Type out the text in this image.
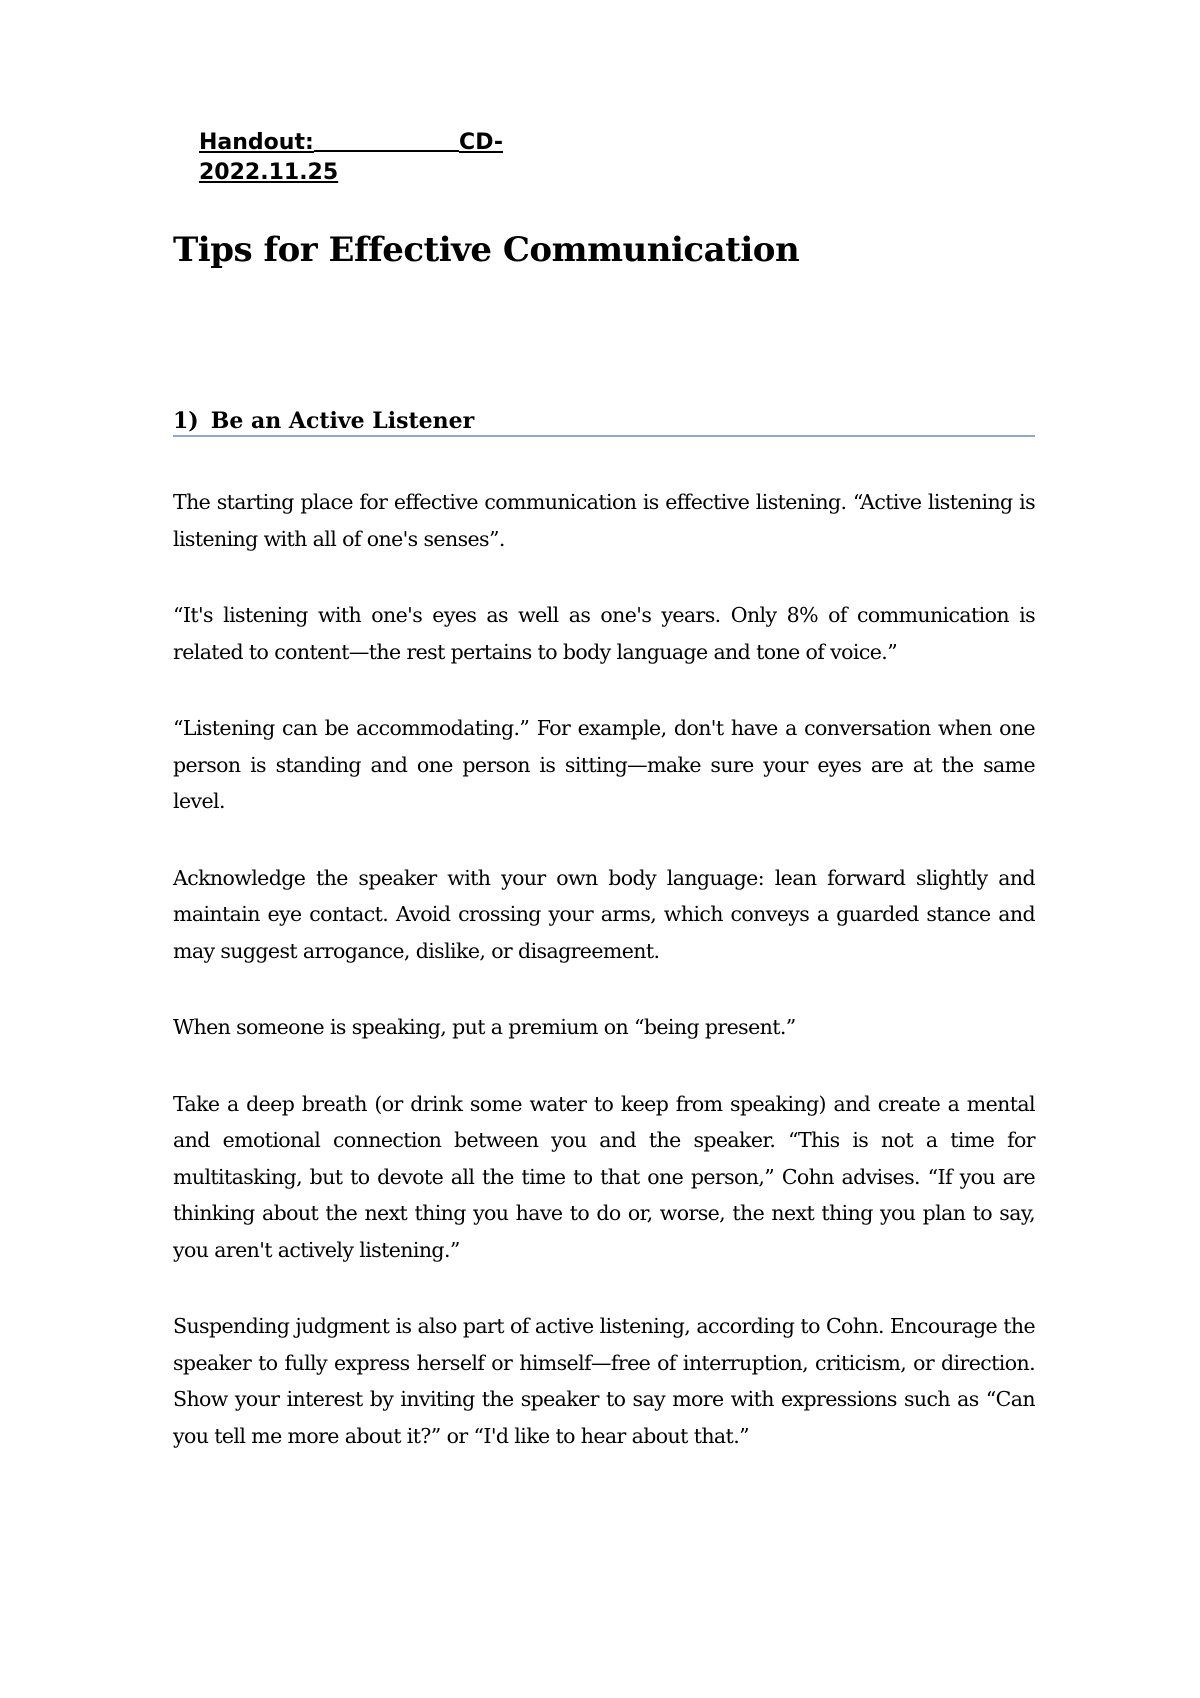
Handout:	CD-
2022.11.25
Tips for Effective Communication
1) Be an Active Listener

The starting place for effective communication is effective listening. “Active listening is listening with all of one's senses”.

“It's listening with one's eyes as well as one's years. Only 8% of communication is related to content—the rest pertains to body language and tone of voice.”

“Listening can be accommodating.” For example, don't have a conversation when one person is standing and one person is sitting—make sure your eyes are at the same level.

Acknowledge the speaker with your own body language: lean forward slightly and maintain eye contact. Avoid crossing your arms, which conveys a guarded stance and may suggest arrogance, dislike, or disagreement.

When someone is speaking, put a premium on “being present.”

Take a deep breath (or drink some water to keep from speaking) and create a mental and emotional connection between you and the speaker. “This is not a time for multitasking, but to devote all the time to that one person,” Cohn advises. “If you are thinking about the next thing you have to do or, worse, the next thing you plan to say, you aren't actively listening.”

Suspending judgment is also part of active listening, according to Cohn. Encourage the speaker to fully express herself or himself—free of interruption, criticism, or direction. Show your interest by inviting the speaker to say more with expressions such as “Can you tell me more about it?” or “I'd like to hear about that.”
